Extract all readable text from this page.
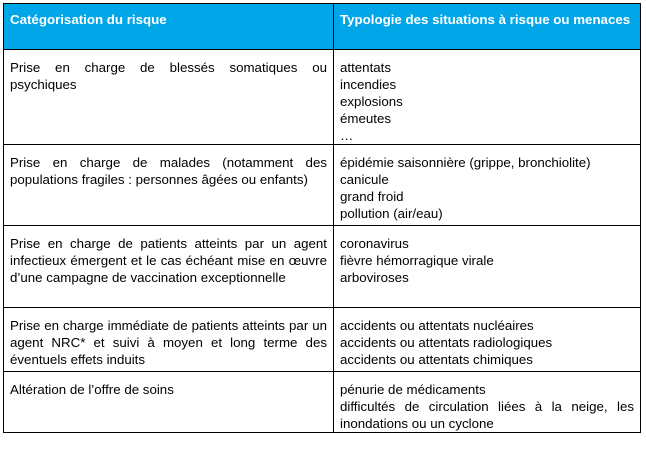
Catégorisation du risque	Typologie des situations à risque ou menaces
Prise en charge de blessés somatiques ou psychiques	attentats
incendies
explosions
émeutes
…

Prise en charge de malades (notamment des populations fragiles : personnes âgées ou enfants)	épidémie saisonnière (grippe, bronchiolite)
canicule
grand froid
pollution (air/eau)

Prise en charge de patients atteints par un agent infectieux émergent et le cas échéant mise en œuvre d’une campagne de vaccination exceptionnelle	coronavirus
fièvre hémorragique virale
arboviroses

Prise en charge immédiate de patients atteints par un agent NRC* et suivi à moyen et long terme des éventuels effets induits	accidents ou attentats nucléaires
accidents ou attentats radiologiques
accidents ou attentats chimiques

Altération de l’offre de soins	pénurie de médicaments
difficultés de circulation liées à la neige, les inondations ou un cyclone
